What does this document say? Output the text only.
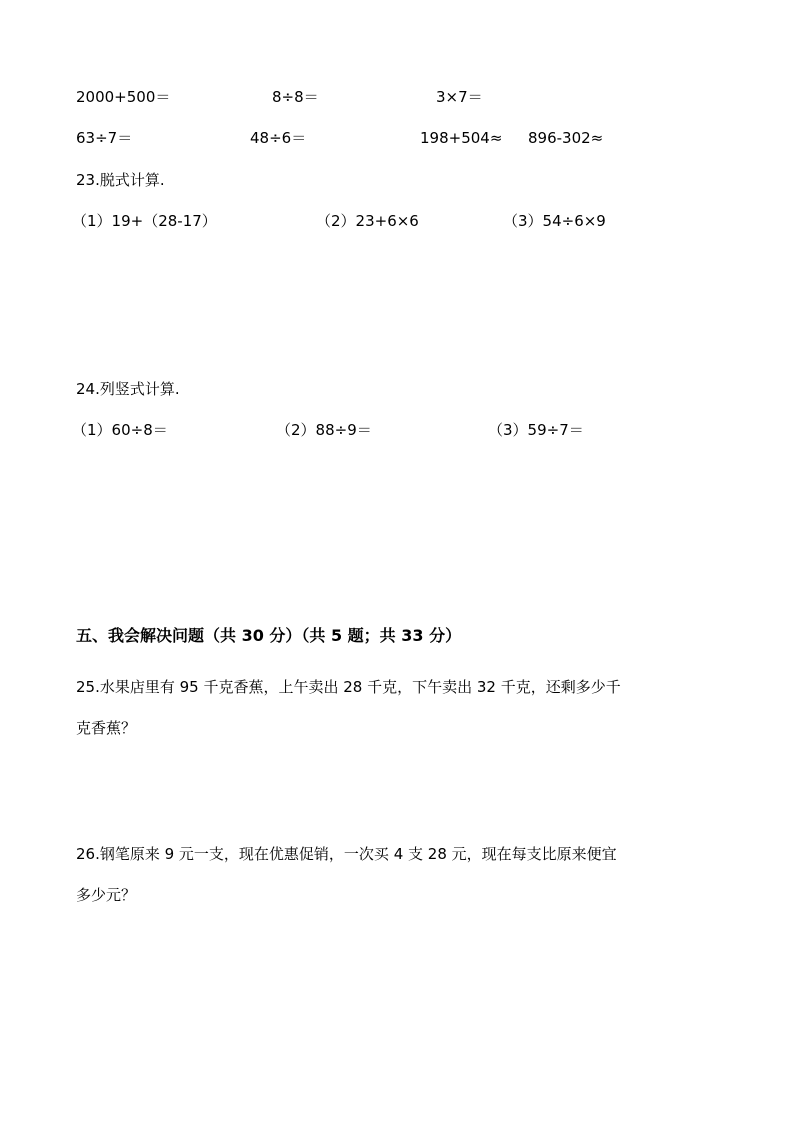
2000+500＝	8÷8＝	3×7＝
63÷7＝	48÷6＝	198+504≈ 896-302≈
23.脱式计算.
（1）19+（28-17）	（2）23+6×6	（3）54÷6×9
24.列竖式计算.
（1）60÷8＝	（2）88÷9＝	（3）59÷7＝
五、我会解决问题（共 30 分）（共 5 题；共 33 分）
25.水果店里有 95 千克香蕉，上午卖出 28 千克，下午卖出 32 千克，还剩多少千
克香蕉？
26.钢笔原来 9 元一支，现在优惠促销，一次买 4 支 28 元，现在每支比原来便宜
多少元？
